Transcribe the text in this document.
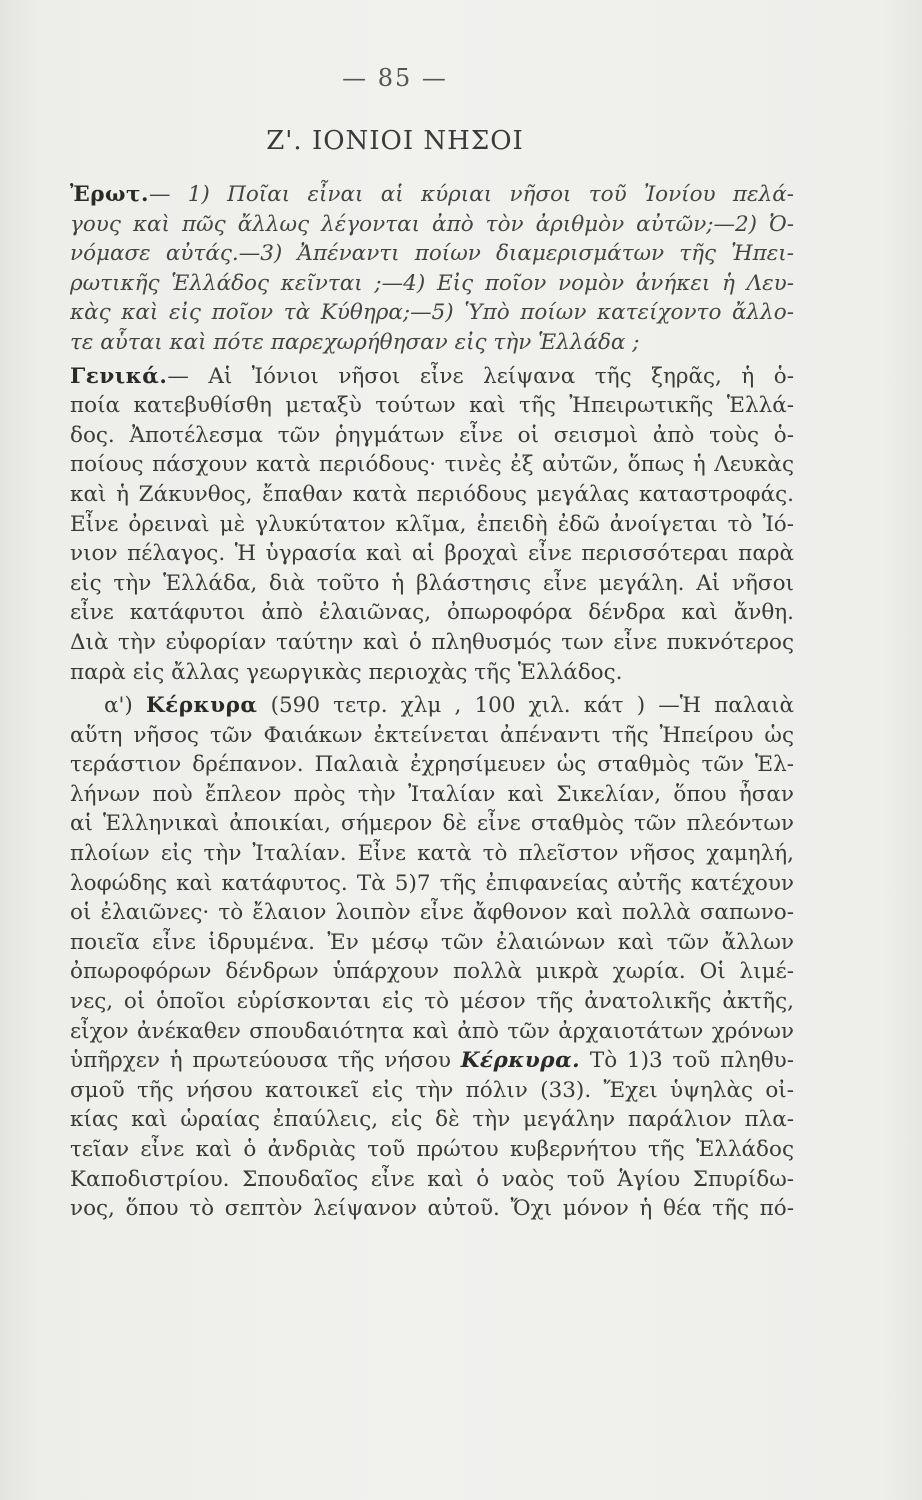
— 85 —
Ζ'. ΙΟΝΙΟΙ ΝΗΣΟΙ
Ἐρωτ.— 1) Ποῖαι εἶναι αἱ κύριαι νῆσοι τοῦ Ἰονίου πελά-
γους καὶ πῶς ἄλλως λέγονται ἀπὸ τὸν ἀριθμὸν αὐτῶν;—2) Ὀ-
νόμασε αὐτάς.—3) Ἀπέναντι ποίων διαμερισμάτων τῆς Ἠπει-
ρωτικῆς Ἑλλάδος κεῖνται ;—4) Εἰς ποῖον νομὸν ἀνήκει ἡ Λευ-
κὰς καὶ εἰς ποῖον τὰ Κύθηρα;—5) Ὑπὸ ποίων κατείχοντο ἄλλο-
τε αὗται καὶ πότε παρεχωρήθησαν εἰς τὴν Ἑλλάδα ;
Γενικά.— Αἱ Ἰόνιοι νῆσοι εἶνε λείψανα τῆς ξηρᾶς, ἡ ὁ-
ποία κατεβυθίσθη μεταξὺ τούτων καὶ τῆς Ἠπειρωτικῆς Ἑλλά-
δος. Ἀποτέλεσμα τῶν ῥηγμάτων εἶνε οἱ σεισμοὶ ἀπὸ τοὺς ὁ-
ποίους πάσχουν κατὰ περιόδους· τινὲς ἐξ αὐτῶν, ὅπως ἡ Λευκὰς
καὶ ἡ Ζάκυνθος, ἔπαθαν κατὰ περιόδους μεγάλας καταστροφάς.
Εἶνε ὀρειναὶ μὲ γλυκύτατον κλῖμα, ἐπειδὴ ἐδῶ ἀνοίγεται τὸ Ἰό-
νιον πέλαγος. Ἡ ὑγρασία καὶ αἱ βροχαὶ εἶνε περισσότεραι παρὰ
εἰς τὴν Ἑλλάδα, διὰ τοῦτο ἡ βλάστησις εἶνε μεγάλη. Αἱ νῆσοι
εἶνε κατάφυτοι ἀπὸ ἐλαιῶνας, ὀπωροφόρα δένδρα καὶ ἄνθη.
Διὰ τὴν εὐφορίαν ταύτην καὶ ὁ πληθυσμός των εἶνε πυκνότερος
παρὰ εἰς ἄλλας γεωργικὰς περιοχὰς τῆς Ἑλλάδος.
α') Κέρκυρα (590 τετρ. χλμ , 100 χιλ. κάτ ) —Ἡ παλαιὰ
αὕτη νῆσος τῶν Φαιάκων ἐκτείνεται ἀπέναντι τῆς Ἠπείρου ὡς
τεράστιον δρέπανον. Παλαιὰ ἐχρησίμευεν ὡς σταθμὸς τῶν Ἑλ-
λήνων ποὺ ἔπλεον πρὸς τὴν Ἰταλίαν καὶ Σικελίαν, ὅπου ἦσαν
αἱ Ἑλληνικαὶ ἀποικίαι, σήμερον δὲ εἶνε σταθμὸς τῶν πλεόντων
πλοίων εἰς τὴν Ἰταλίαν. Εἶνε κατὰ τὸ πλεῖστον νῆσος χαμηλή,
λοφώδης καὶ κατάφυτος. Τὰ 5)7 τῆς ἐπιφανείας αὐτῆς κατέχουν
οἱ ἐλαιῶνες· τὸ ἔλαιον λοιπὸν εἶνε ἄφθονον καὶ πολλὰ σαπωνο-
ποιεῖα εἶνε ἱδρυμένα. Ἐν μέσῳ τῶν ἐλαιώνων καὶ τῶν ἄλλων
ὀπωροφόρων δένδρων ὑπάρχουν πολλὰ μικρὰ χωρία. Οἱ λιμέ-
νες, οἱ ὁποῖοι εὑρίσκονται εἰς τὸ μέσον τῆς ἀνατολικῆς ἀκτῆς,
εἶχον ἀνέκαθεν σπουδαιότητα καὶ ἀπὸ τῶν ἀρχαιοτάτων χρόνων
ὑπῆρχεν ἡ πρωτεύουσα τῆς νήσου Κέρκυρα. Τὸ 1)3 τοῦ πληθυ-
σμοῦ τῆς νήσου κατοικεῖ εἰς τὴν πόλιν (33). Ἔχει ὑψηλὰς οἰ-
κίας καὶ ὡραίας ἐπαύλεις, εἰς δὲ τὴν μεγάλην παράλιον πλα-
τεῖαν εἶνε καὶ ὁ ἀνδριὰς τοῦ πρώτου κυβερνήτου τῆς Ἑλλάδος
Καποδιστρίου. Σπουδαῖος εἶνε καὶ ὁ ναὸς τοῦ Ἁγίου Σπυρίδω-
νος, ὅπου τὸ σεπτὸν λείψανον αὐτοῦ. Ὄχι μόνον ἡ θέα τῆς πό-
